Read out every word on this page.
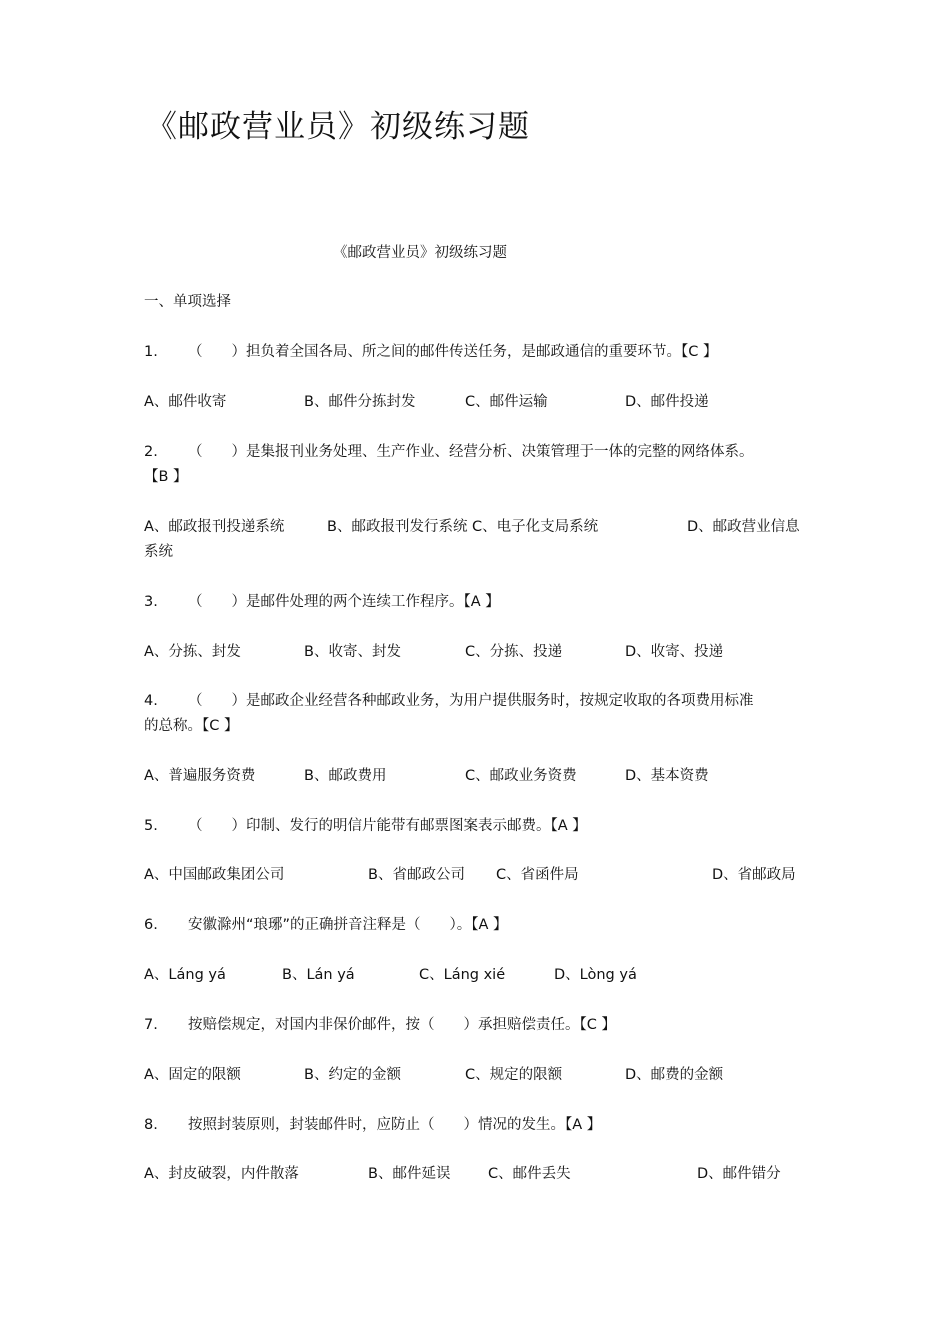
《邮政营业员》初级练习题
《邮政营业员》初级练习题
一、单项选择
1. （　　）担负着全国各局、所之间的邮件传送任务，是邮政通信的重要环节。【C 】
A、邮件收寄	B、邮件分拣封发	C、邮件运输	D、邮件投递
2. （　　）是集报刊业务处理、生产作业、经营分析、决策管理于一体的完整的网络体系。
【B 】
A、邮政报刊投递系统	B、邮政报刊发行系统 C、电子化支局系统	D、邮政营业信息
系统
3. （　　）是邮件处理的两个连续工作程序。【A 】
A、分拣、封发	B、收寄、封发	C、分拣、投递	D、收寄、投递
4. （　　）是邮政企业经营各种邮政业务，为用户提供服务时，按规定收取的各项费用标准
的总称。【C 】
A、普遍服务资费	B、邮政费用	C、邮政业务资费	D、基本资费
5. （　　）印制、发行的明信片能带有邮票图案表示邮费。【A 】
A、中国邮政集团公司	B、省邮政公司 C、省函件局	D、省邮政局
6. 安徽滁州“琅琊”的正确拼音注释是（　　）。【A 】
A、Láng yá	B、Lán yá	C、Láng xié	D、Lòng yá
7. 按赔偿规定，对国内非保价邮件，按（　　）承担赔偿责任。【C 】
A、固定的限额	B、约定的金额	C、规定的限额	D、邮费的金额
8. 按照封装原则，封装邮件时，应防止（　　）情况的发生。【A 】
A、封皮破裂，内件散落	B、邮件延误	C、邮件丢失	D、邮件错分
